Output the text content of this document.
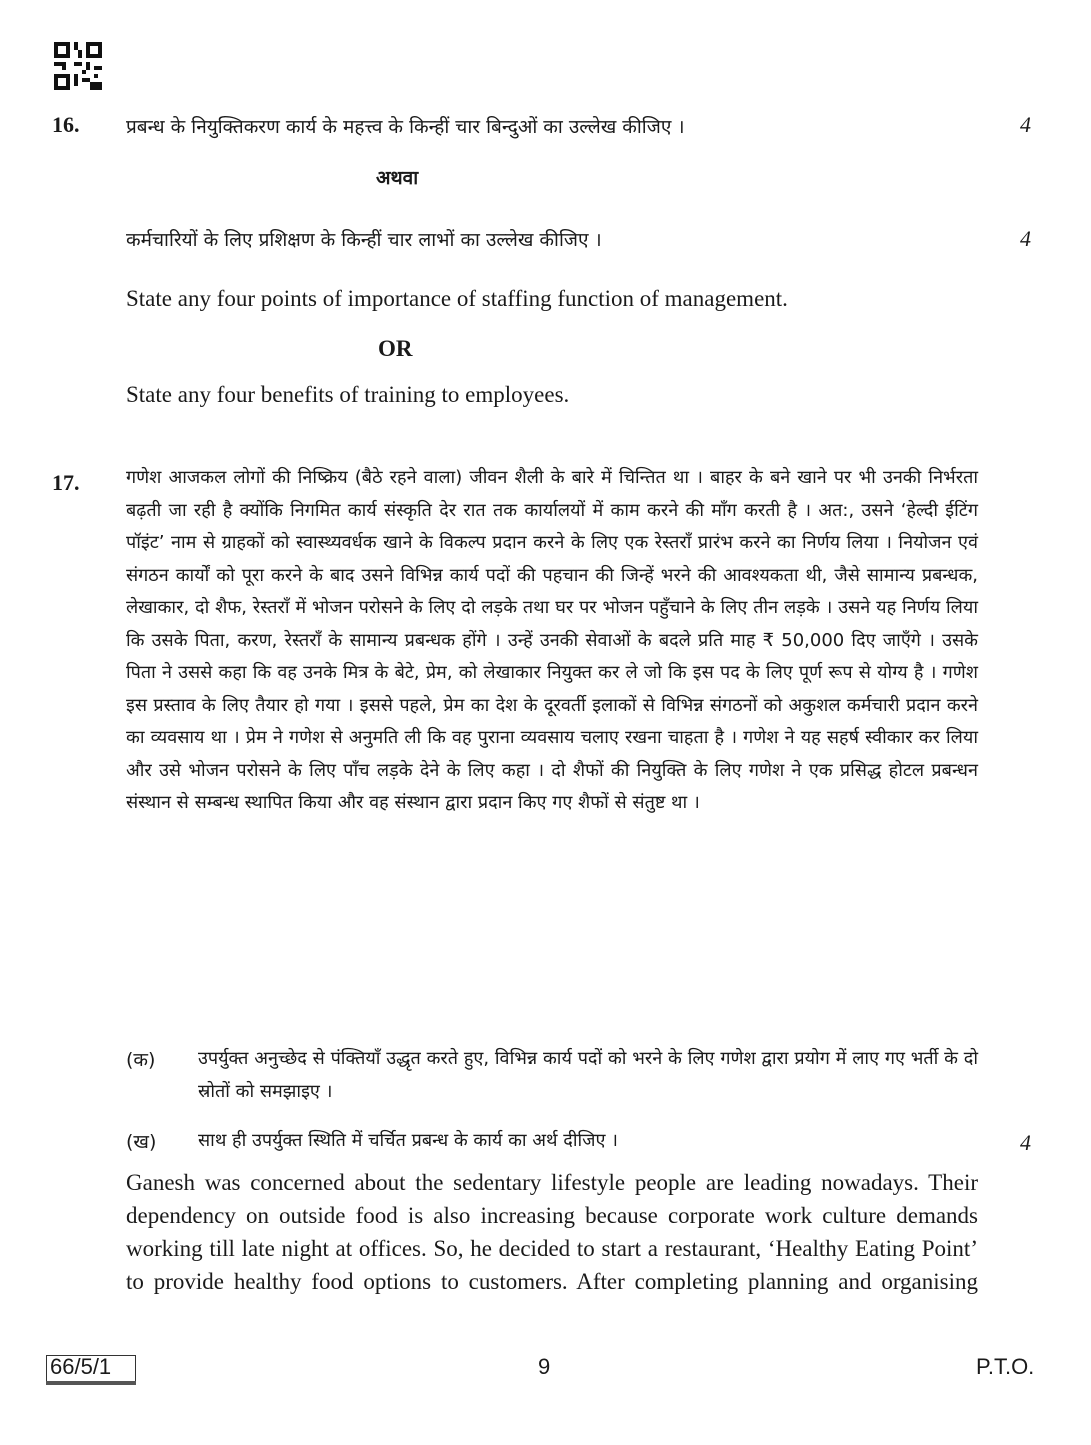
16. प्रबन्ध के नियुक्तिकरण कार्य के महत्त्व के किन्हीं चार बिन्दुओं का उल्लेख कीजिए ।	4
अथवा
कर्मचारियों के लिए प्रशिक्षण के किन्हीं चार लाभों का उल्लेख कीजिए ।	4
State any four points of importance of staffing function of management.
OR
State any four benefits of training to employees.
17.	गणेश आजकल लोगों की निष्क्रिय (बैठे रहने वाला) जीवन शैली के बारे में चिन्तित था । बाहर के बने खाने पर भी उनकी निर्भरता बढ़ती जा रही है क्योंकि निगमित कार्य संस्कृति देर रात तक कार्यालयों में काम करने की माँग करती है । अत:, उसने ‘हेल्दी ईटिंग पॉइंट’ नाम से ग्राहकों को स्वास्थ्यवर्धक खाने के विकल्प प्रदान करने के लिए एक रेस्तराँ प्रारंभ करने का निर्णय लिया । नियोजन एवं संगठन कार्यों को पूरा करने के बाद उसने विभिन्न कार्य पदों की पहचान की जिन्हें भरने की आवश्यकता थी, जैसे सामान्य प्रबन्धक, लेखाकार, दो शैफ, रेस्तराँ में भोजन परोसने के लिए दो लड़के तथा घर पर भोजन पहुँचाने के लिए तीन लड़के । उसने यह निर्णय लिया कि उसके पिता, करण, रेस्तराँ के सामान्य प्रबन्धक होंगे । उन्हें उनकी सेवाओं के बदले प्रति माह ₹ 50,000 दिए जाएँगे । उसके पिता ने उससे कहा कि वह उनके मित्र के बेटे, प्रेम, को लेखाकार नियुक्त कर ले जो कि इस पद के लिए पूर्ण रूप से योग्य है । गणेश इस प्रस्ताव के लिए तैयार हो गया । इससे पहले, प्रेम का देश के दूरवर्ती इलाकों से विभिन्न संगठनों को अकुशल कर्मचारी प्रदान करने का व्यवसाय था । प्रेम ने गणेश से अनुमति ली कि वह पुराना व्यवसाय चलाए रखना चाहता है । गणेश ने यह सहर्ष स्वीकार कर लिया और उसे भोजन परोसने के लिए पाँच लड़के देने के लिए कहा । दो शैफों की नियुक्ति के लिए गणेश ने एक प्रसिद्ध होटल प्रबन्धन संस्थान से सम्बन्ध स्थापित किया और वह संस्थान द्वारा प्रदान किए गए शैफों से संतुष्ट था ।
(क) उपर्युक्त अनुच्छेद से पंक्तियाँ उद्धृत करते हुए, विभिन्न कार्य पदों को भरने के लिए गणेश द्वारा प्रयोग में लाए गए भर्ती के दो स्रोतों को समझाइए ।
(ख) साथ ही उपर्युक्त स्थिति में चर्चित प्रबन्ध के कार्य का अर्थ दीजिए ।	4
Ganesh was concerned about the sedentary lifestyle people are leading nowadays. Their dependency on outside food is also increasing because corporate work culture demands working till late night at offices. So, he decided to start a restaurant, ‘Healthy Eating Point’ to provide healthy food options to customers. After completing planning and organising
66/5/1	9	P.T.O.
